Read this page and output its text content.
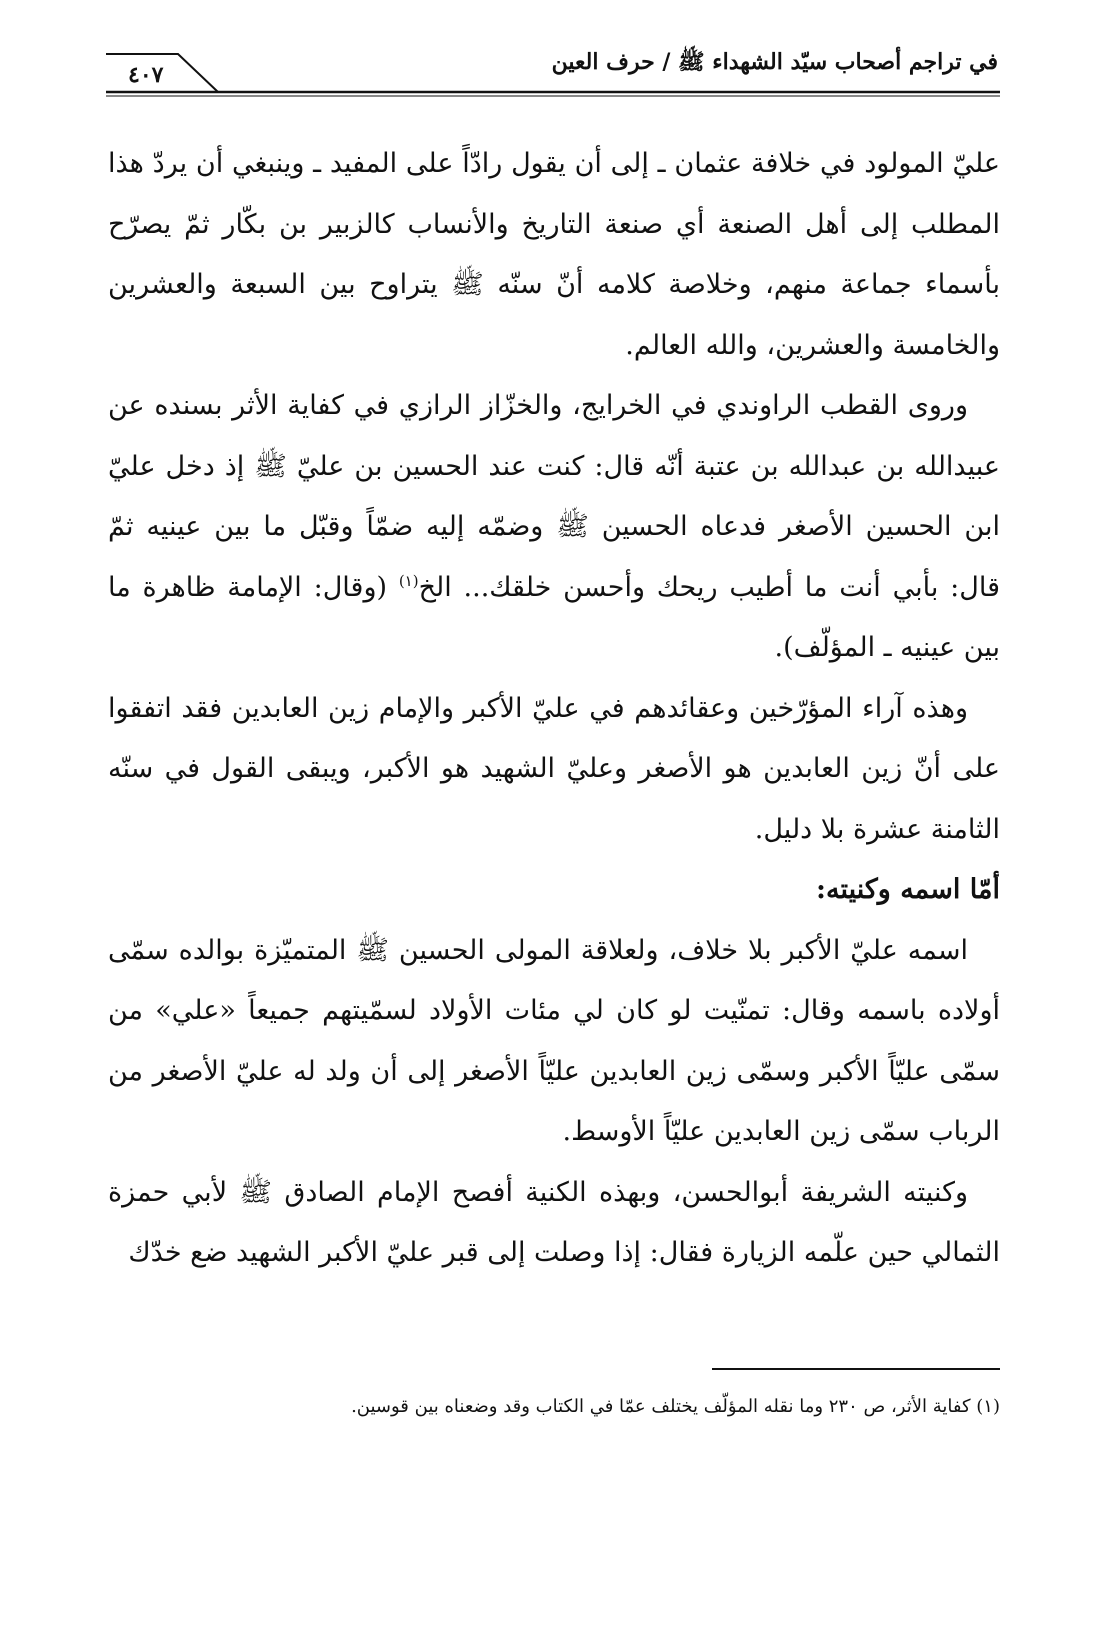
في تراجم أصحاب سيّد الشهداء ﷺ / حرف العين
٤٠٧

عليّ المولود في خلافة عثمان ـ إلى أن يقول رادّاً على المفيد ـ وينبغي أن يردّ هذا المطلب إلى أهل الصنعة أي صنعة التاريخ والأنساب كالزبير بن بكّار ثمّ يصرّح بأسماء جماعة منهم، وخلاصة كلامه أنّ سنّه ﷺ يتراوح بين السبعة والعشرين والخامسة والعشرين، والله العالم.

وروى القطب الراوندي في الخرايج، والخزّاز الرازي في كفاية الأثر بسنده عن عبيدالله بن عبدالله بن عتبة أنّه قال: كنت عند الحسين بن عليّ ﷺ إذ دخل عليّ ابن الحسين الأصغر فدعاه الحسين ﷺ وضمّه إليه ضمّاً وقبّل ما بين عينيه ثمّ قال: بأبي أنت ما أطيب ريحك وأحسن خلقك... الخ$^{(١)}$ (وقال: الإمامة ظاهرة ما بين عينيه ـ المؤلّف).

وهذه آراء المؤرّخين وعقائدهم في عليّ الأكبر والإمام زين العابدين فقد اتفقوا على أنّ زين العابدين هو الأصغر وعليّ الشهيد هو الأكبر، ويبقى القول في سنّه الثامنة عشرة بلا دليل.

أمّا اسمه وكنيته:

اسمه عليّ الأكبر بلا خلاف، ولعلاقة المولى الحسين ﷺ المتميّزة بوالده سمّى أولاده باسمه وقال: تمنّيت لو كان لي مئات الأولاد لسمّيتهم جميعاً «علي» من سمّى عليّاً الأكبر وسمّى زين العابدين عليّاً الأصغر إلى أن ولد له عليّ الأصغر من الرباب سمّى زين العابدين عليّاً الأوسط.

وكنيته الشريفة أبوالحسن، وبهذه الكنية أفصح الإمام الصادق ﷺ لأبي حمزة الثمالي حين علّمه الزيارة فقال: إذا وصلت إلى قبر عليّ الأكبر الشهيد ضع خدّك

(١) كفاية الأثر، ص ٢٣٠ وما نقله المؤلّف يختلف عمّا في الكتاب وقد وضعناه بين قوسين.
